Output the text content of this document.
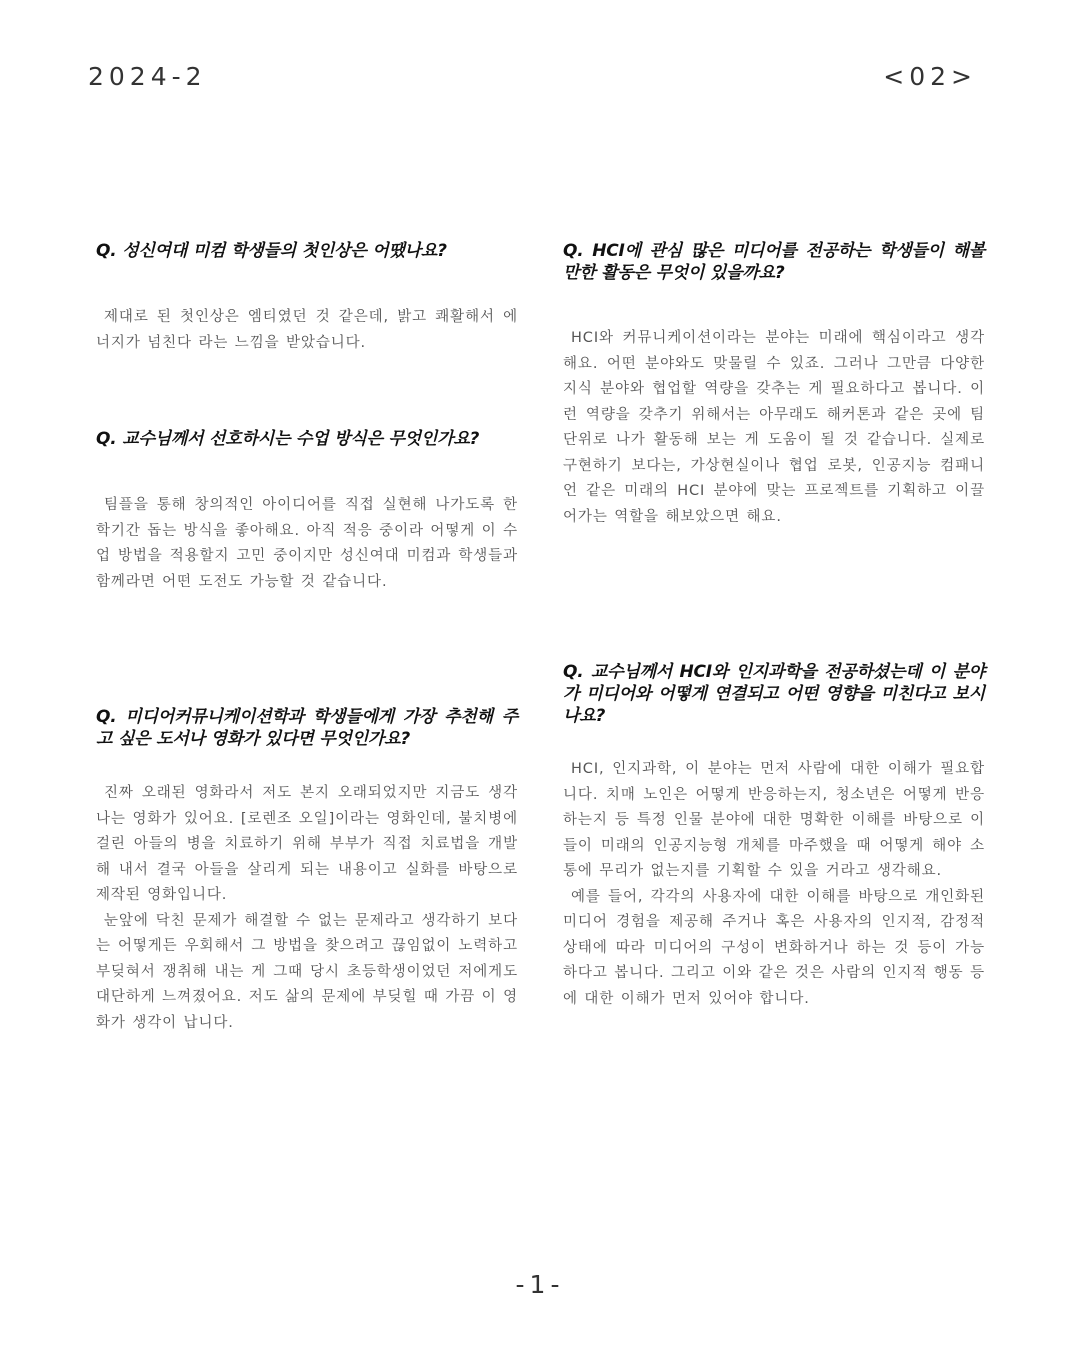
2024-2	<02>
Q. 성신여대 미컴 학생들의 첫인상은 어땠나요?

제대로 된 첫인상은 엠티였던 것 같은데, 밝고 쾌활해서 에너지가 넘친다 라는 느낌을 받았습니다.

Q. 교수님께서 선호하시는 수업 방식은 무엇인가요?

팀플을 통해 창의적인 아이디어를 직접 실현해 나가도록 한 학기간 돕는 방식을 좋아해요. 아직 적응 중이라 어떻게 이 수업 방법을 적용할지 고민 중이지만 성신여대 미컴과 학생들과 함께라면 어떤 도전도 가능할 것 같습니다.

Q. 미디어커뮤니케이션학과 학생들에게 가장 추천해 주고 싶은 도서나 영화가 있다면 무엇인가요?

진짜 오래된 영화라서 저도 본지 오래되었지만 지금도 생각나는 영화가 있어요. [로렌조 오일]이라는 영화인데, 불치병에 걸린 아들의 병을 치료하기 위해 부부가 직접 치료법을 개발해 내서 결국 아들을 살리게 되는 내용이고 실화를 바탕으로 제작된 영화입니다.

눈앞에 닥친 문제가 해결할 수 없는 문제라고 생각하기 보다는 어떻게든 우회해서 그 방법을 찾으려고 끊임없이 노력하고 부딪혀서 쟁취해 내는 게 그때 당시 초등학생이었던 저에게도 대단하게 느껴졌어요. 저도 삶의 문제에 부딪힐 때 가끔 이 영화가 생각이 납니다.

Q. HCI에 관심 많은 미디어를 전공하는 학생들이 해볼 만한 활동은 무엇이 있을까요?

HCI와 커뮤니케이션이라는 분야는 미래에 핵심이라고 생각해요. 어떤 분야와도 맞물릴 수 있죠. 그러나 그만큼 다양한 지식 분야와 협업할 역량을 갖추는 게 필요하다고 봅니다. 이런 역량을 갖추기 위해서는 아무래도 해커톤과 같은 곳에 팀 단위로 나가 활동해 보는 게 도움이 될 것 같습니다. 실제로 구현하기 보다는, 가상현실이나 협업 로봇, 인공지능 컴패니언 같은 미래의 HCI 분야에 맞는 프로젝트를 기획하고 이끌어가는 역할을 해보았으면 해요.

Q. 교수님께서 HCI와 인지과학을 전공하셨는데 이 분야가 미디어와 어떻게 연결되고 어떤 영향을 미친다고 보시나요?

HCI, 인지과학, 이 분야는 먼저 사람에 대한 이해가 필요합니다. 치매 노인은 어떻게 반응하는지, 청소년은 어떻게 반응하는지 등 특정 인물 분야에 대한 명확한 이해를 바탕으로 이들이 미래의 인공지능형 개체를 마주했을 때 어떻게 해야 소통에 무리가 없는지를 기획할 수 있을 거라고 생각해요.

예를 들어, 각각의 사용자에 대한 이해를 바탕으로 개인화된 미디어 경험을 제공해 주거나 혹은 사용자의 인지적, 감정적 상태에 따라 미디어의 구성이 변화하거나 하는 것 등이 가능하다고 봅니다. 그리고 이와 같은 것은 사람의 인지적 행동 등에 대한 이해가 먼저 있어야 합니다.

-1-
